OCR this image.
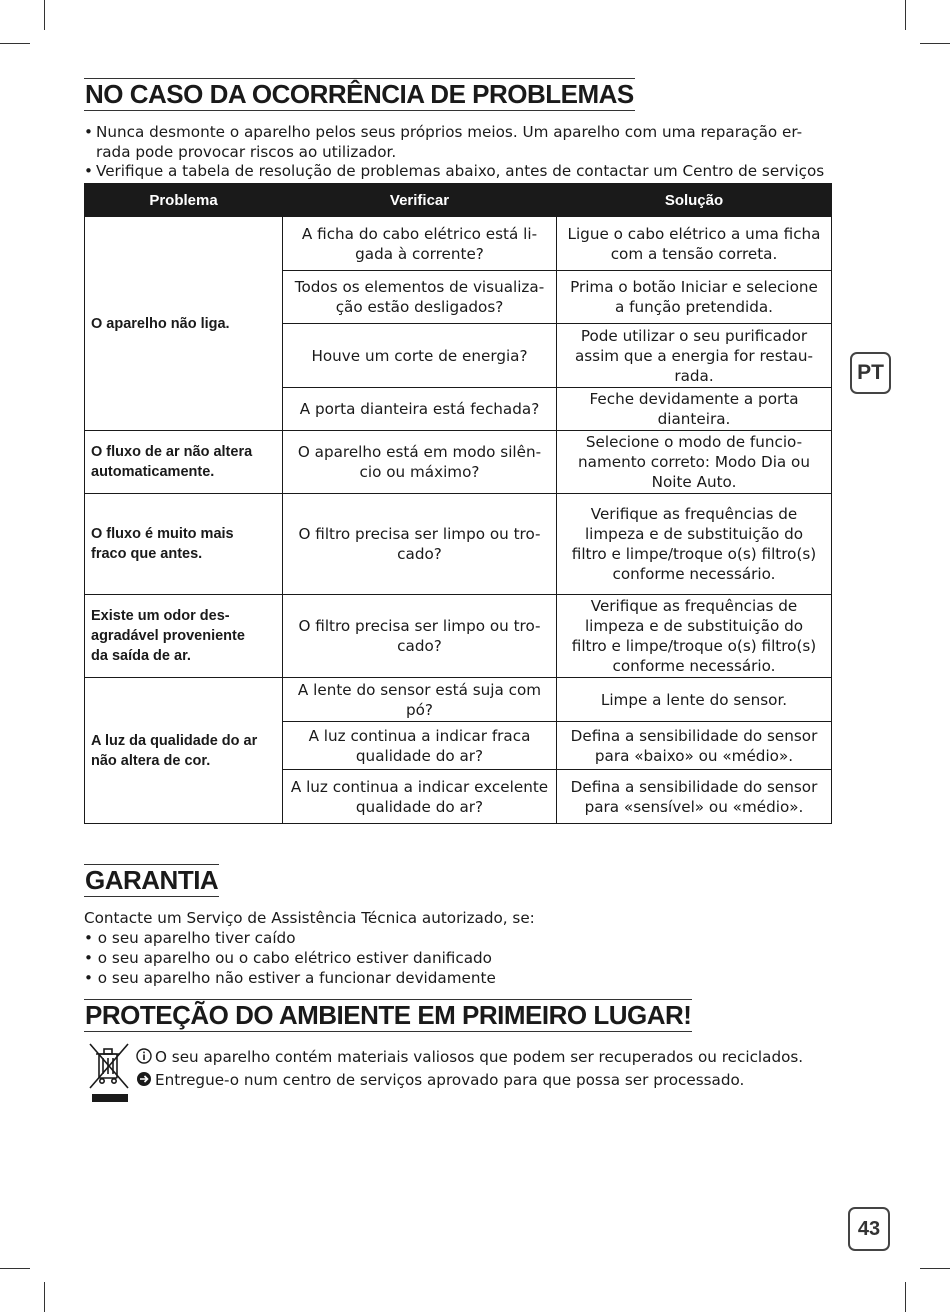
NO CASO DA OCORRÊNCIA DE PROBLEMAS
• Nunca desmonte o aparelho pelos seus próprios meios. Um aparelho com uma reparação er-
rada pode provocar riscos ao utilizador.
• Verifique a tabela de resolução de problemas abaixo, antes de contactar um Centro de serviços
Problema	Verificar	Solução
O aparelho não liga.	A ficha do cabo elétrico está li-
gada à corrente?	Ligue o cabo elétrico a uma ficha
com a tensão correta.
	Todos os elementos de visualiza-
ção estão desligados?	Prima o botão Iniciar e selecione
a função pretendida.
	Houve um corte de energia?	Pode utilizar o seu purificador
assim que a energia for restau-
rada.
	A porta dianteira está fechada?	Feche devidamente a porta
dianteira.
O fluxo de ar não altera
automaticamente.	O aparelho está em modo silên-
cio ou máximo?	Selecione o modo de funcio-
namento correto: Modo Dia ou
Noite Auto.
O fluxo é muito mais
fraco que antes.	O filtro precisa ser limpo ou tro-
cado?	Verifique as frequências de
limpeza e de substituição do
filtro e limpe/troque o(s) filtro(s)
conforme necessário.
Existe um odor des-
agradável proveniente
da saída de ar.	O filtro precisa ser limpo ou tro-
cado?	Verifique as frequências de
limpeza e de substituição do
filtro e limpe/troque o(s) filtro(s)
conforme necessário.
A luz da qualidade do ar
não altera de cor.	A lente do sensor está suja com
pó?	Limpe a lente do sensor.
	A luz continua a indicar fraca
qualidade do ar?	Defina a sensibilidade do sensor
para «baixo» ou «médio».
	A luz continua a indicar excelente
qualidade do ar?	Defina a sensibilidade do sensor
para «sensível» ou «médio».
GARANTIA
Contacte um Serviço de Assistência Técnica autorizado, se:
• o seu aparelho tiver caído
• o seu aparelho ou o cabo elétrico estiver danificado
• o seu aparelho não estiver a funcionar devidamente
PROTEÇÃO DO AMBIENTE EM PRIMEIRO LUGAR!
O seu aparelho contém materiais valiosos que podem ser recuperados ou reciclados.
Entregue-o num centro de serviços aprovado para que possa ser processado.
PT
43
